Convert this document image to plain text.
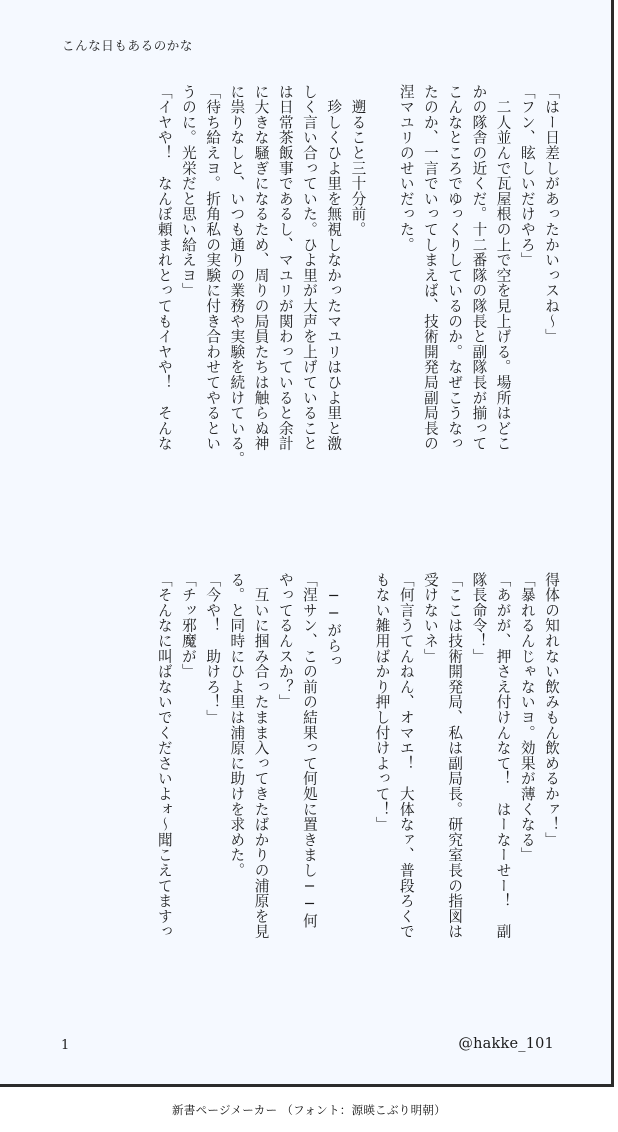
こんな日もあるのかな
「はー日差しがあったかいっスね〜」
「フン、眩しいだけやろ」
　二人並んで瓦屋根の上で空を見上げる。場所はどこ
かの隊舎の近くだ。十二番隊の隊長と副隊長が揃って
こんなところでゆっくりしているのか。なぜこうなっ
たのか、一言でいってしまえば、技術開発局副局長の
涅マユリのせいだった。

　遡ること三十分前。
　珍しくひよ里を無視しなかったマユリはひよ里と激
しく言い合っていた。ひよ里が大声を上げていること
は日常茶飯事であるし、マユリが関わっていると余計
に大きな騒ぎになるため、周りの局員たちは触らぬ神
に祟りなしと、いつも通りの業務や実験を続けている。
「待ち給えヨ。折角私の実験に付き合わせてやるとい
うのに。光栄だと思い給えヨ」
「イヤや！　なんぼ頼まれとってもイヤや！　そんな
得体の知れない飲みもん飲めるかァ！」
「暴れるんじゃないヨ。効果が薄くなる」
「あがが、押さえ付けんなて！　はーなーせー！　副
隊長命令！」
「ここは技術開発局、私は副局長。研究室長の指図は
受けないネ」
「何言うてんねん、オマエ！　大体なァ、普段ろくで
もない雑用ばかり押し付けよって！」

　──がらっ
「涅サン、この前の結果って何処に置きまし──何
やってるんスか？」
　互いに掴み合ったまま入ってきたばかりの浦原を見
る。と同時にひよ里は浦原に助けを求めた。
「今や！　助けろ！」
「チッ邪魔が」
「そんなに叫ばないでくださいよォ〜聞こえてますっ
1	@hakke_101
新書ページメーカー （フォント：源暎こぶり明朝）
